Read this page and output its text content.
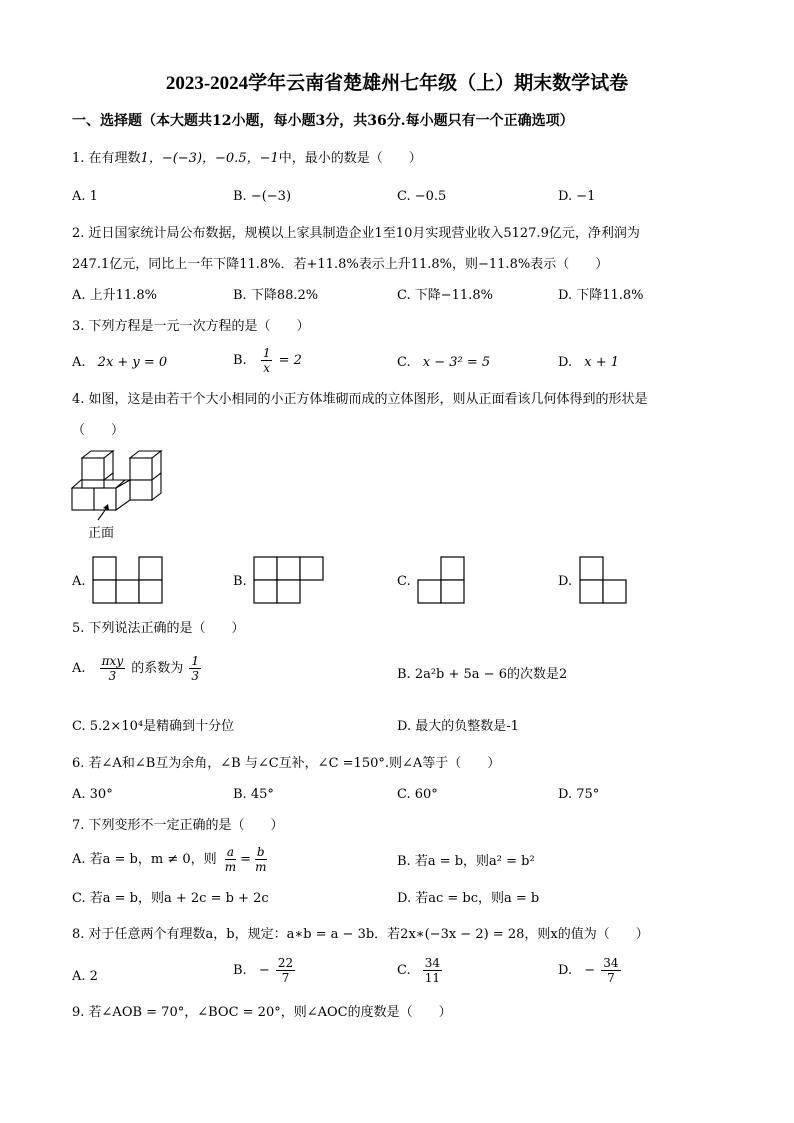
2023-2024学年云南省楚雄州七年级（上）期末数学试卷
一、选择题（本大题共12小题，每小题3分，共36分.每小题只有一个正确选项）
1. 在有理数1，−(−3)，−0.5，−1中，最小的数是（　　）
A. 1	B. −(−3)	C. −0.5	D. −1
2. 近日国家统计局公布数据，规模以上家具制造企业1至10月实现营业收入5127.9亿元，净利润为
247.1亿元，同比上一年下降11.8%．若+11.8%表示上升11.8%，则−11.8%表示（　　）
A. 上升11.8%	B. 下降88.2%	C. 下降−11.8%	D. 下降11.8%
3. 下列方程是一元一次方程的是（　　）
A. 2x + y = 0	B. $\frac{1}{x} = 2$	C. x − 3² = 5	D. x + 1
4. 如图，这是由若干个大小相同的小正方体堆砌而成的立体图形，则从正面看该几何体得到的形状是
（　　）
正面
A.	B.	C.	D.
5. 下列说法正确的是（　　）
A. $\frac{\text{πxy}}{3}$ 的系数为 $\frac{1}{3}$	B. 2a²b + 5a − 6的次数是2
C. 5.2×10⁴是精确到十分位	D. 最大的负整数是-1
6. 若∠A和∠B互为余角，∠B 与∠C互补，∠C =150°.则∠A等于（　　）
A. 30°	B. 45°	C. 60°	D. 75°
7. 下列变形不一定正确的是（　　）
A. 若a = b，m ≠ 0，则 $\frac{a}{m} = \frac{b}{m}$	B. 若a = b，则a² = b²
C. 若a = b，则a + 2c = b + 2c	D. 若ac = bc，则a = b
8. 对于任意两个有理数a，b，规定：a∗b = a − 3b．若2x∗(−3x − 2) = 28，则x的值为（　　）
A. 2	B. − $\frac{22}{7}$	C. $\frac{34}{11}$	D. − $\frac{34}{7}$
9. 若∠AOB = 70°，∠BOC = 20°，则∠AOC的度数是（　　）
